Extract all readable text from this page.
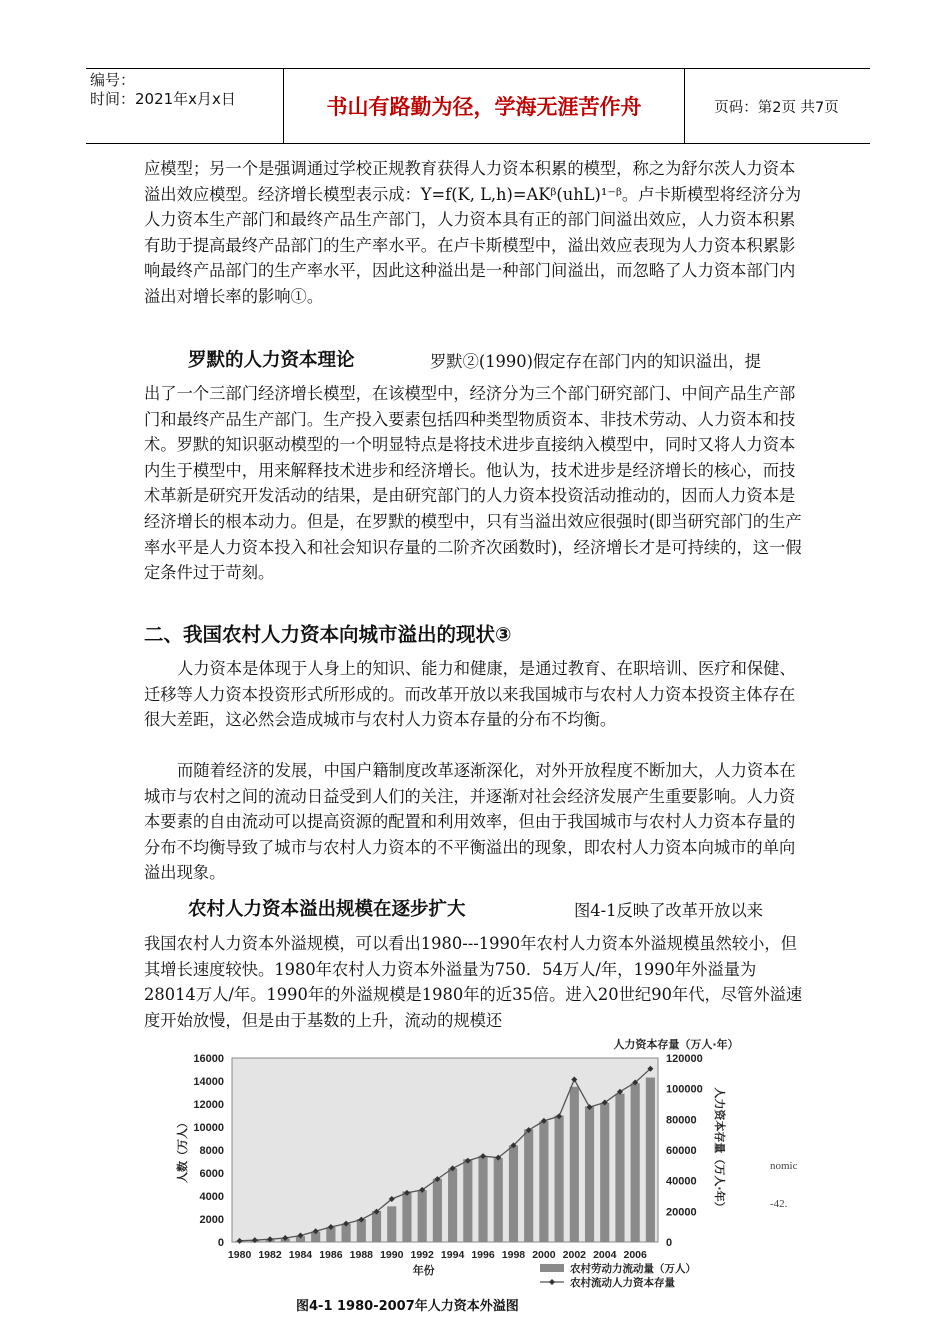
编号：
时间：2021年x月x日	书山有路勤为径，学海无涯苦作舟	页码：第2页 共7页

应模型；另一个是强调通过学校正规教育获得人力资本积累的模型，称之为舒尔茨人力资本溢出效应模型。经济增长模型表示成：Y=f(K, L,h)=AKᵝ(uhL)¹⁻ᵝ。卢卡斯模型将经济分为人力资本生产部门和最终产品生产部门，人力资本具有正的部门间溢出效应，人力资本积累有助于提高最终产品部门的生产率水平。在卢卡斯模型中，溢出效应表现为人力资本积累影响最终产品部门的生产率水平，因此这种溢出是一种部门间溢出，而忽略了人力资本部门内溢出对增长率的影响①。

罗默的人力资本理论	罗默②(1990)假定存在部门内的知识溢出，提

出了一个三部门经济增长模型，在该模型中，经济分为三个部门研究部门、中间产品生产部门和最终产品生产部门。生产投入要素包括四种类型物质资本、非技术劳动、人力资本和技术。罗默的知识驱动模型的一个明显特点是将技术进步直接纳入模型中，同时又将人力资本内生于模型中，用来解释技术进步和经济增长。他认为，技术进步是经济增长的核心，而技术革新是研究开发活动的结果，是由研究部门的人力资本投资活动推动的，因而人力资本是经济增长的根本动力。但是，在罗默的模型中，只有当溢出效应很强时(即当研究部门的生产率水平是人力资本投入和社会知识存量的二阶齐次函数时)，经济增长才是可持续的，这一假定条件过于苛刻。

二、我国农村人力资本向城市溢出的现状③

人力资本是体现于人身上的知识、能力和健康，是通过教育、在职培训、医疗和保健、迁移等人力资本投资形式所形成的。而改革开放以来我国城市与农村人力资本投资主体存在很大差距，这必然会造成城市与农村人力资本存量的分布不均衡。

而随着经济的发展，中国户籍制度改革逐渐深化，对外开放程度不断加大，人力资本在城市与农村之间的流动日益受到人们的关注，并逐渐对社会经济发展产生重要影响。人力资本要素的自由流动可以提高资源的配置和利用效率，但由于我国城市与农村人力资本存量的分布不均衡导致了城市与农村人力资本的不平衡溢出的现象，即农村人力资本向城市的单向溢出现象。

农村人力资本溢出规模在逐步扩大	图4-1反映了改革开放以来

我国农村人力资本外溢规模，可以看出1980---1990年农村人力资本外溢规模虽然较小，但其增长速度较快。1980年农村人力资本外溢量为750．54万人/年，1990年外溢量为28014万人/年。1990年的外溢规模是1980年的近35倍。进入20世纪90年代，尽管外溢速度开始放慢，但是由于基数的上升，流动的规模还

0
2000
4000
6000
8000
10000
12000
14000
16000
0
20000
40000
60000
80000
100000
120000
1980 1982 1984 1986 1988 1990 1992 1994 1996 1998 2000 2002 2004 2006
年份
人数（万人）	人力资本存量（万人·年）
人力资本存量（万人·年）
农村劳动力流动量（万人）
农村流动人力资本存量
图4-1 1980-2007年人力资本外溢图
nomic
-42.
